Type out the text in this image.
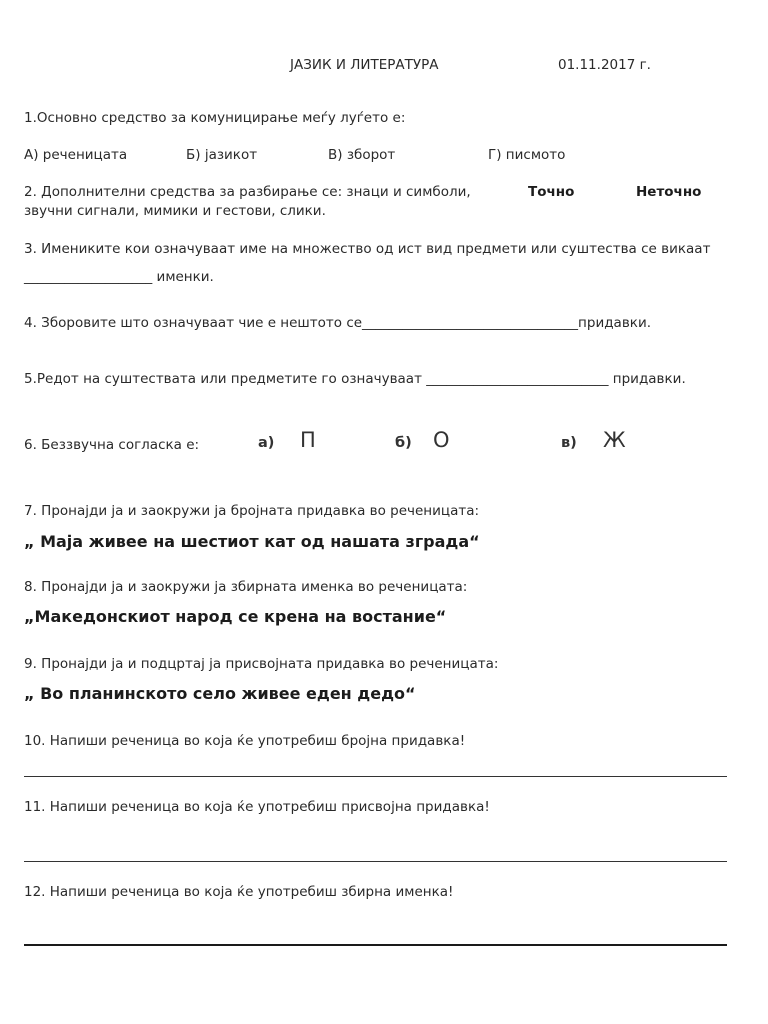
ЈАЗИК И ЛИТЕРАТУРА	01.11.2017 г.
1.Основно средство за комуницирање меѓу луѓето е:
А) реченицата	Б) јазикот	В) зборот	Г) писмото
2. Дополнителни средства за разбирање се: знаци и симболи,
звучни сигнали, мимики и гестови, слики.
Точно	Неточно
3. Имениките кои означуваат име на множество од ист вид предмети или суштества се викаат
___________________ именки.
4. Зборовите што означуваат чие е нештото се________________________________придавки.
5.Редот на суштествата или предметите го означуваат ___________________________ придавки.
6. Беззвучна согласка е:	а) П	б) О	в) Ж
7. Пронајди ја и заокружи ја бројната придавка во реченицата:
„ Маја живее на шестиот кат од нашата зграда“
8. Пронајди ја и заокружи ја збирната именка во реченицата:
„Македонскиот народ се крена на востание“
9. Пронајди ја и подцртај ја присвојната придавка во реченицата:
„ Во планинското село живее еден дедо“
10. Напиши реченица во која ќе употребиш бројна придавка!
11. Напиши реченица во која ќе употребиш присвојна придавка!
12. Напиши реченица во која ќе употребиш збирна именка!
